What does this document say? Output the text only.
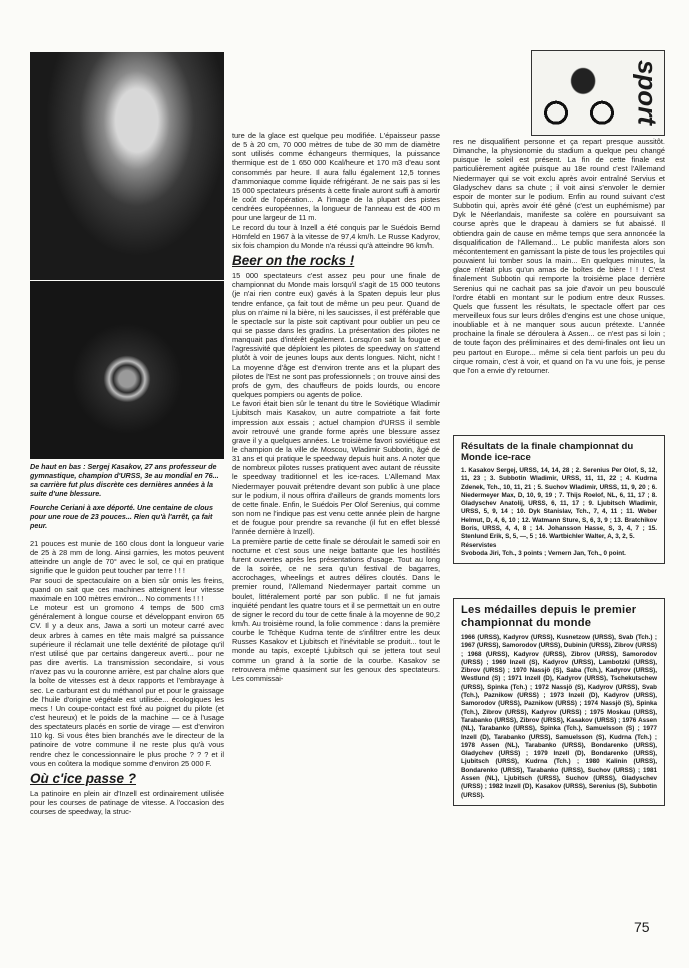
De haut en bas : Sergej Kasakov, 27 ans professeur de gymnastique, champion d'URSS, 3e au mondial en 76... sa carrière fut plus discrète ces dernières années à la suite d'une blessure.
Fourche Ceriani à axe déporté. Une centaine de clous pour une roue de 23 pouces... Rien qu'à l'arrêt, ça fait peur.

21 pouces est munie de 160 clous dont la longueur varie de 25 à 28 mm de long. Ainsi garnies, les motos peuvent atteindre un angle de 70° avec le sol, ce qui en pratique signifie que le guidon peut toucher par terre ! ! !

Par souci de spectaculaire on a bien sûr omis les freins, quand on sait que ces machines atteignent leur vitesse maximale en 100 mètres environ... No comments ! ! !

Le moteur est un gromono 4 temps de 500 cm3 généralement à longue course et développant environ 65 CV. Il y a deux ans, Jawa a sorti un moteur carré avec deux arbres à cames en tête mais malgré sa puissance supérieure il réclamait une telle dextérité de pilotage qu'il n'est utilisé que par certains dangereux averti... pour ne pas dire avertis. La transmission secondaire, si vous n'avez pas vu la couronne arrière, est par chaîne alors que la boîte de vitesses est à deux rapports et l'embrayage à sec. Le carburant est du méthanol pur et pour le graissage de l'huile d'origine végétale est utilisée... écologiques les mecs ! Un coupe-contact est fixé au poignet du pilote (et c'est heureux) et le poids de la machine — ce à l'usage des spectateurs placés en sortie de virage — est d'environ 110 kg. Si vous êtes bien branchés ave le directeur de la patinoire de votre commune il ne reste plus qu'à vous rendre chez le concessionnaire le plus proche ? ? ? et il vous en coûtera la modique somme d'environ 25 000 F.

Où c'ice passe ?

La patinoire en plein air d'Inzell est ordinairement utilisée pour les courses de patinage de vitesse. A l'occasion des courses de speedway, la struc-

ture de la glace est quelque peu modifiée. L'épaisseur passe de 5 à 20 cm, 70 000 mètres de tube de 30 mm de diamètre sont utilisés comme échangeurs thermiques, la puissance thermique est de 1 650 000 Kcal/heure et 170 m3 d'eau sont consommés par heure. Il aura fallu également 12,5 tonnes d'ammoniaque comme liquide réfrigérant. Je ne sais pas si les 15 000 spectateurs présents à cette finale auront suffi à amortir le coût de l'opération... A l'image de la plupart des pistes cendrées européennes, la longueur de l'anneau est de 400 m pour une largeur de 11 m.

Le record du tour à Inzell a été conquis par le Suédois Bernd Hörnfeld en 1967 à la vitesse de 97,4 km/h. Le Russe Kadyrov, six fois champion du Monde n'a réussi qu'à atteindre 96 km/h.

Beer on the rocks !

15 000 spectateurs c'est assez peu pour une finale de championnat du Monde mais lorsqu'il s'agit de 15 000 teutons (je n'ai rien contre eux) gavés à la Spaten depuis leur plus tendre enfance, ça fait tout de même un peu peur. Quand de plus on n'aime ni la bière, ni les saucisses, il est préférable que le spectacle sur la piste soit captivant pour oublier un peu ce qui se passe dans les gradins. La présentation des pilotes ne manquait pas d'intérêt également. Lorsqu'on sait la fougue et l'agressivité que déploient les pilotes de speedway on s'attend plutôt à voir de jeunes loups aux dents longues. Nicht, nicht ! La moyenne d'âge est d'environ trente ans et la plupart des pilotes de l'Est ne sont pas professionnels ; on trouve ainsi des profs de gym, des chauffeurs de poids lourds, ou encore quelques pompiers ou agents de police.

Le favori était bien sûr le tenant du titre le Soviétique Wladimir Ljubitsch mais Kasakov, un autre compatriote a fait forte impression aux essais ; actuel champion d'URSS il semble avoir retrouvé une grande forme après une blessure assez grave il y a quelques années. Le troisième favori soviétique est le champion de la ville de Moscou, Wladimir Subbotin, âgé de 31 ans et qui pratique le speedway depuis huit ans. A noter que de nombreux pilotes russes pratiquent avec autant de réussite le speedway traditionnel et les ice-races. L'Allemand Max Niedermayer pouvait prétendre devant son public à une place sur le podium, il nous offrira d'ailleurs de grands moments lors de cette finale. Enfin, le Suédois Per Olof Serenius, qui comme son nom ne l'indique pas est venu cette année plein de hargne et de fougue pour prendre sa revanche (il fut en effet blessé l'année dernière à Inzell).

La première partie de cette finale se déroulait le samedi soir en nocturne et c'est sous une neige battante que les hostilités furent ouvertes après les présentations d'usage. Tout au long de la soirée, ce ne sera qu'un festival de bagarres, accrochages, wheelings et autres délires cloutés. Dans le premier round, l'Allemand Niedermayer partait comme un boulet, littéralement porté par son public. Il ne fut jamais inquiété pendant les quatre tours et il se permettait un en outre de signer le record du tour de cette finale à la moyenne de 90,2 km/h. Au troisième round, la folie commence : dans la première courbe le Tchèque Kudrna tente de s'infiltrer entre les deux Russes Kasakov et Ljubitsch et l'inévitable se produit... tout le monde au tapis, excepté Ljubitsch qui se jettera tout seul comme un grand à la sortie de la courbe. Kasakov se retrouvera même quasiment sur les genoux des spectateurs. Les commissai-

sport

res ne disqualifient personne et ça repart presque aussitôt. Dimanche, la physionomie du stadium a quelque peu changé puisque le soleil est présent. La fin de cette finale est particulièrement agitée puisque au 18e round c'est l'Allemand Niedermayer qui se voit exclu après avoir entraîné Servius et Gladyschev dans sa chute ; il voit ainsi s'envoler le dernier espoir de monter sur le podium. Enfin au round suivant c'est Subbotin qui, après avoir été gêné (c'est un euphémisme) par Dyk le Néerlandais, manifeste sa colère en poursuivant sa course après que le drapeau à damiers se fut abaissé. Il obtiendra gain de cause en même temps que sera annoncée la disqualification de l'Allemand... Le public manifesta alors son mécontentement en garnissant la piste de tous les projectiles qui pouvaient lui tomber sous la main... En quelques minutes, la glace n'était plus qu'un amas de boîtes de bière ! ! ! C'est finalement Subbotin qui remporte la troisième place derrière Serenius qui ne cachait pas sa joie d'avoir un peu bousculé l'ordre établi en montant sur le podium entre deux Russes. Quels que fussent les résultats, le spectacle offert par ces merveilleux fous sur leurs drôles d'engins est une chose unique, inoubliable et à ne manquer sous aucun prétexte. L'année prochaine la finale se déroulera à Assen... ce n'est pas si loin ; de toute façon des préliminaires et des demi-finales ont lieu un peu partout en Europe... même si cela tient parfois un peu du cirque romain, c'est à voir, et quand on l'a vu une fois, je pense que l'on a envie d'y retourner.

Résultats de la finale championnat du Monde ice-race
1. Kasakov Sergej, URSS, 14, 14, 28 ; 2. Serenius Per Olof, S, 12, 11, 23 ; 3. Subbotin Wladimir, URSS, 11, 11, 22 ; 4. Kudrna Zdenek, Tch., 10, 11, 21 ; 5. Suchov Wladimir, URSS, 11, 9, 20 ; 6. Niedermeyer Max, D, 10, 9, 19 ; 7. Thijs Roelof, NL, 6, 11, 17 ; 8. Gladyschev Anatolij, URSS, 6, 11, 17 ; 9. Ljubitsch Wladimir, URSS, 5, 9, 14 ; 10. Dyk Stanislav, Tch., 7, 4, 11 ; 11. Weber Helmut, D, 4, 6, 10 ; 12. Watmann Sture, S, 6, 3, 9 ; 13. Bratchikov Boris, URSS, 4, 4, 8 ; 14. Johansson Hasse, S, 3, 4, 7 ; 15. Stenlund Erik, S, 5, —, 5 ; 16. Wartbichler Walter, A, 3, 2, 5.
Réservistes
Svoboda Jiri, Tch., 3 points ; Vernern Jan, Tch., 0 point.
Les médailles depuis le premier championnat du monde
1966 (URSS), Kadyrov (URSS), Kusnetzow (URSS), Svab (Tch.) ; 1967 (URSS), Samorodov (URSS), Dubinin (URSS), Zibrov (URSS) ; 1968 (URSS), Kadyrov (URSS), Zibrov (URSS), Samorodov (URSS) ; 1969 Inzell (S), Kadyrov (URSS), Lambotzki (URSS), Zibrov (URSS) ; 1970 Nassjö (S), Saba (Tch.), Kadyrov (URSS), Westlund (S) ; 1971 Inzell (D), Kadyrov (URSS), Tschekutschew (URSS), Spinka (Tch.) ; 1972 Nassjö (S), Kadyrov (URSS), Svab (Tch.), Paznikow (URSS) ; 1973 Inzell (D), Kadyrov (URSS), Samorodov (URSS), Paznikow (URSS) ; 1974 Nassjö (S), Spinka (Tch.), Zibrov (URSS), Kadyrov (URSS) ; 1975 Moskau (URSS), Tarabanko (URSS), Zibrov (URSS), Kasakov (URSS) ; 1976 Assen (NL), Tarabanko (URSS), Spinka (Tch.), Samuelsson (S) ; 1977 Inzell (D), Tarabanko (URSS), Samuelsson (S), Kudrna (Tch.) ; 1978 Assen (NL), Tarabanko (URSS), Bondarenko (URSS), Gladychev (URSS) ; 1979 Inzell (D), Bondarenko (URSS), Ljubitsch (URSS), Kudrna (Tch.) ; 1980 Kalinin (URSS), Bondarenko (URSS), Tarabanko (URSS), Suchov (URSS) ; 1981 Assen (NL), Ljubitsch (URSS), Suchov (URSS), Gladyschev (URSS) ; 1982 Inzell (D), Kasakov (URSS), Serenius (S), Subbotin (URSS).
75
